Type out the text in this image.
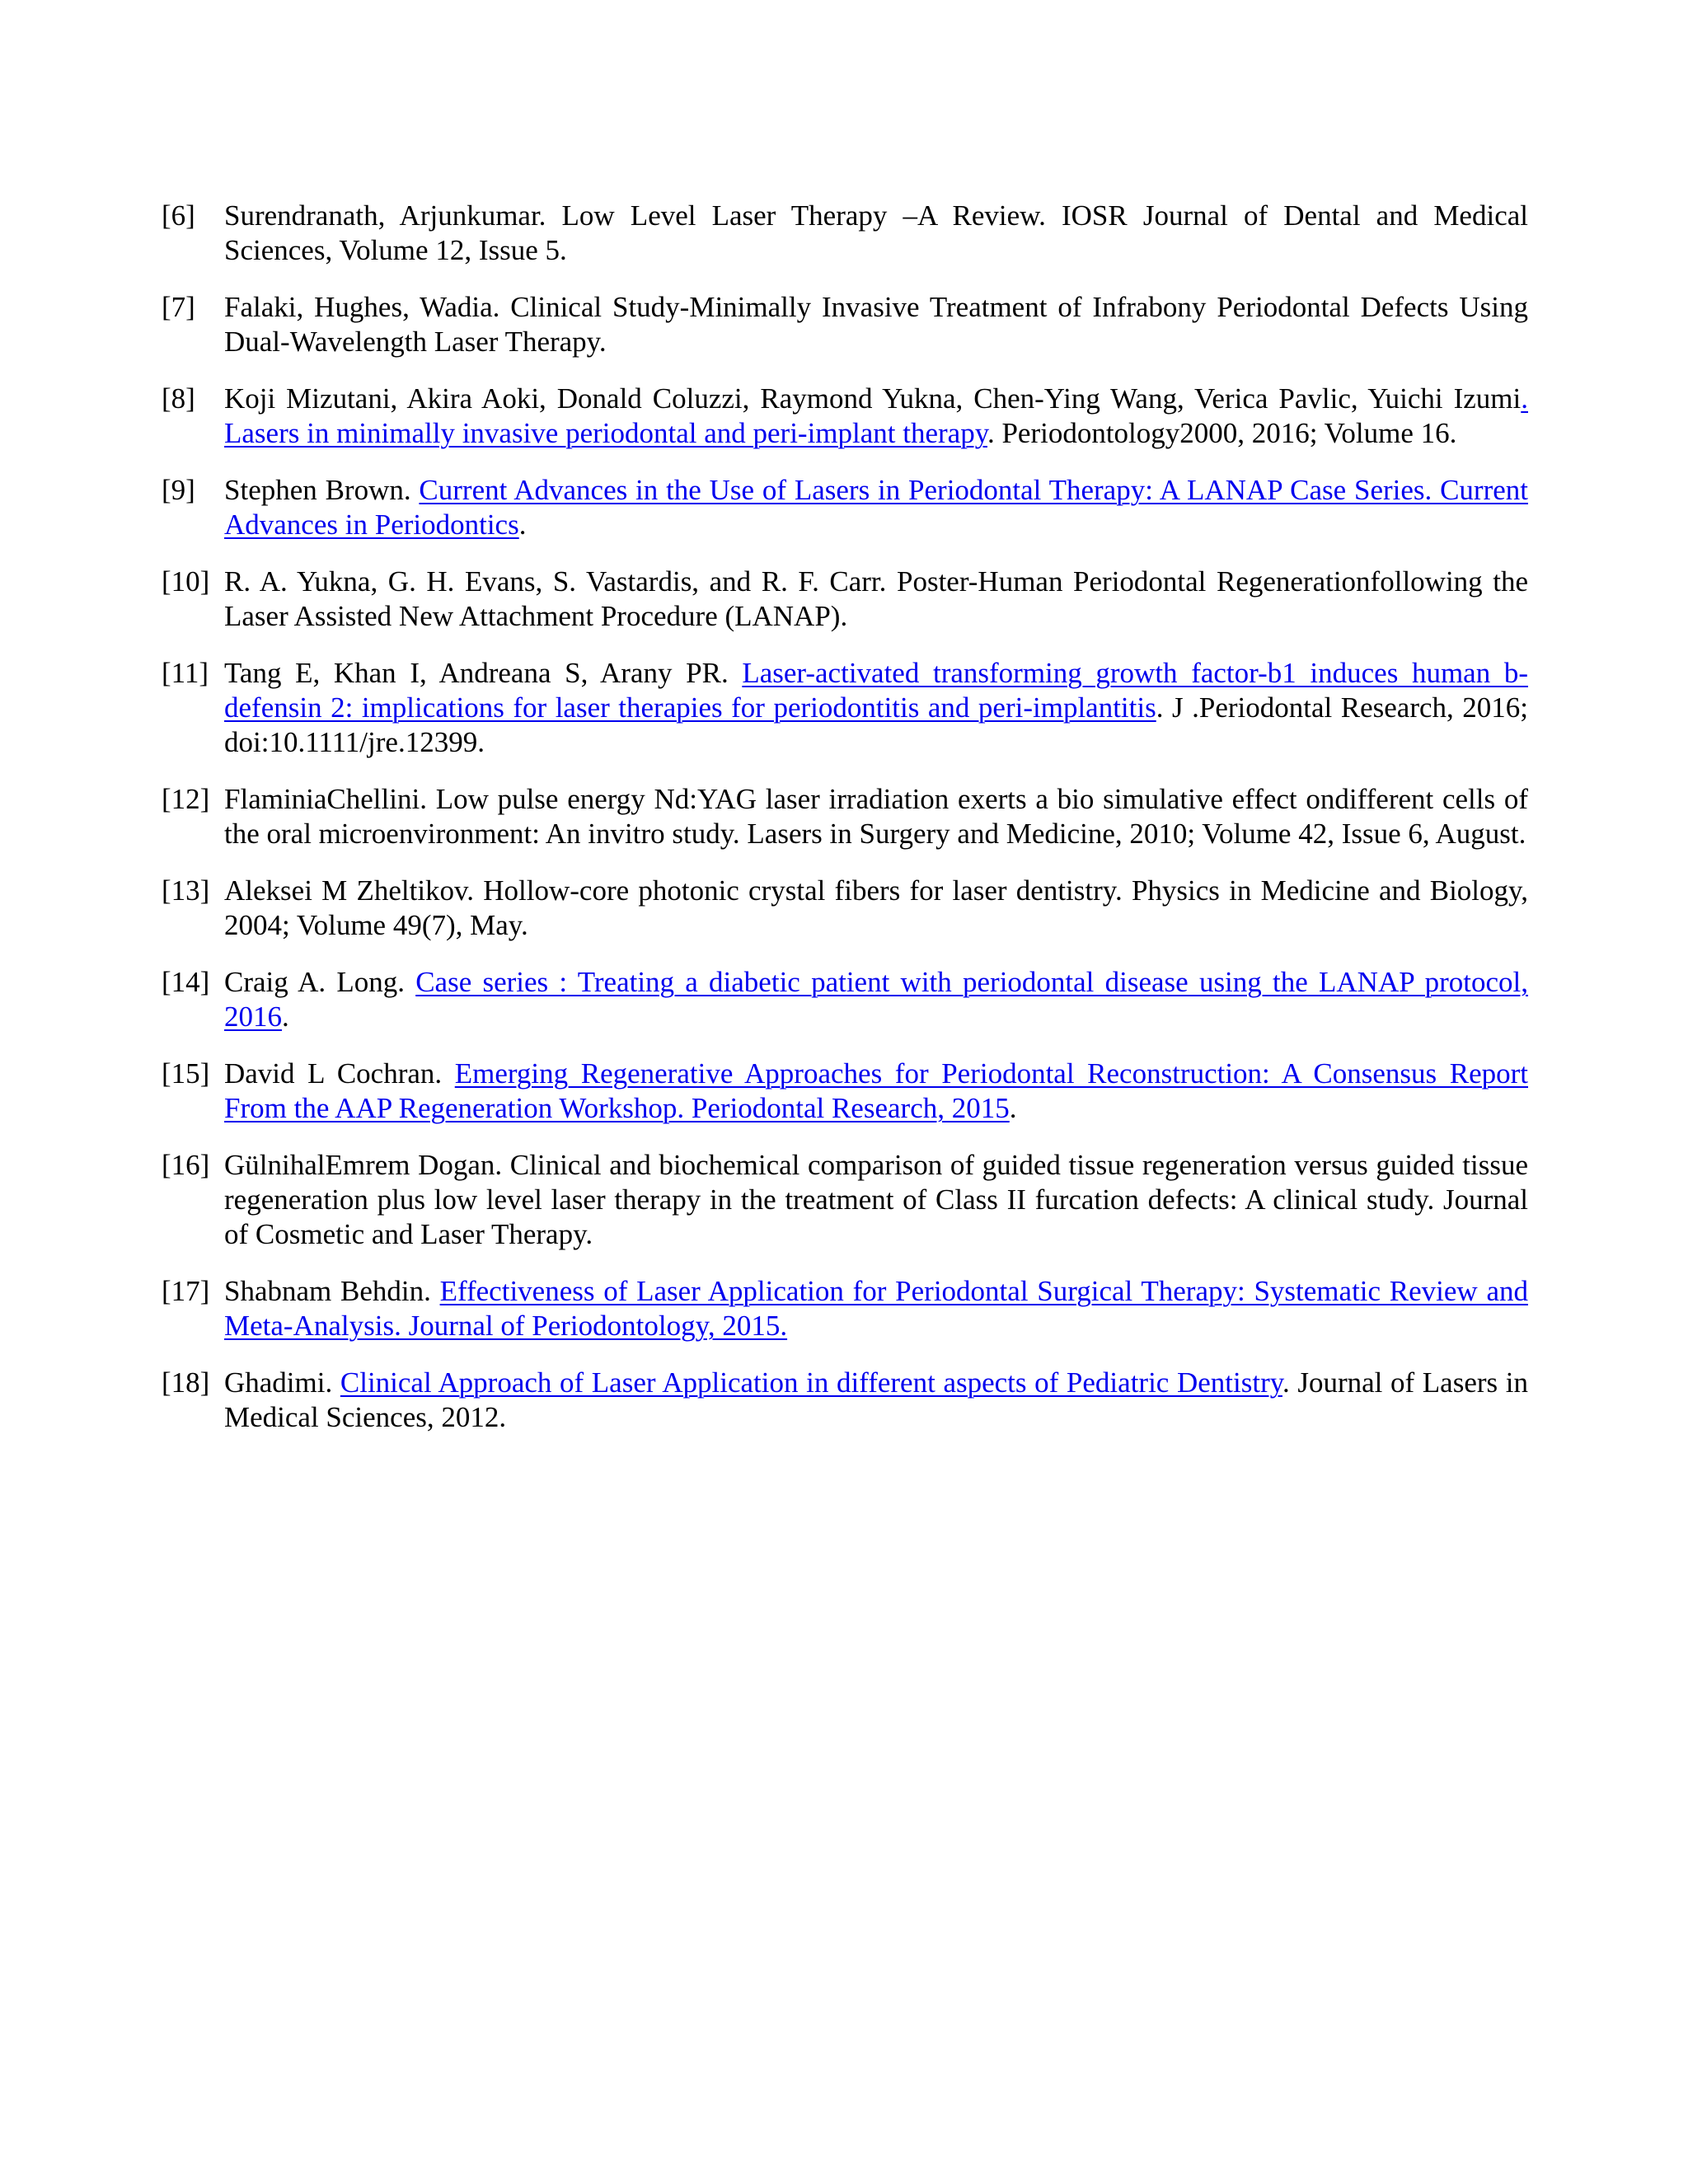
[6] Surendranath, Arjunkumar. Low Level Laser Therapy –A Review. IOSR Journal of Dental and Medical Sciences, Volume 12, Issue 5.
[7] Falaki, Hughes, Wadia. Clinical Study-Minimally Invasive Treatment of Infrabony Periodontal Defects Using Dual-Wavelength Laser Therapy.
[8] Koji Mizutani, Akira Aoki, Donald Coluzzi, Raymond Yukna, Chen-Ying Wang, Verica Pavlic, Yuichi Izumi. Lasers in minimally invasive periodontal and peri-implant therapy. Periodontology2000, 2016; Volume 16.
[9] Stephen Brown. Current Advances in the Use of Lasers in Periodontal Therapy: A LANAP Case Series. Current Advances in Periodontics.
[10] R. A. Yukna, G. H. Evans, S. Vastardis, and R. F. Carr. Poster-Human Periodontal Regenerationfollowing the Laser Assisted New Attachment Procedure (LANAP).
[11] Tang E, Khan I, Andreana S, Arany PR. Laser-activated transforming growth factor-b1 induces human b-defensin 2: implications for laser therapies for periodontitis and peri-implantitis. J .Periodontal Research, 2016; doi:10.1111/jre.12399.
[12] FlaminiaChellini. Low pulse energy Nd:YAG laser irradiation exerts a bio simulative effect ondifferent cells of the oral microenvironment: An invitro study. Lasers in Surgery and Medicine, 2010; Volume 42, Issue 6, August.
[13] Aleksei M Zheltikov. Hollow-core photonic crystal fibers for laser dentistry. Physics in Medicine and Biology, 2004; Volume 49(7), May.
[14] Craig A. Long. Case series : Treating a diabetic patient with periodontal disease using the LANAP protocol, 2016.
[15] David L Cochran. Emerging Regenerative Approaches for Periodontal Reconstruction: A Consensus Report From the AAP Regeneration Workshop. Periodontal Research, 2015.
[16] GülnihalEmrem Dogan. Clinical and biochemical comparison of guided tissue regeneration versus guided tissue regeneration plus low level laser therapy in the treatment of Class II furcation defects: A clinical study. Journal of Cosmetic and Laser Therapy.
[17] Shabnam Behdin. Effectiveness of Laser Application for Periodontal Surgical Therapy: Systematic Review and Meta-Analysis. Journal of Periodontology, 2015.
[18] Ghadimi. Clinical Approach of Laser Application in different aspects of Pediatric Dentistry. Journal of Lasers in Medical Sciences, 2012.
